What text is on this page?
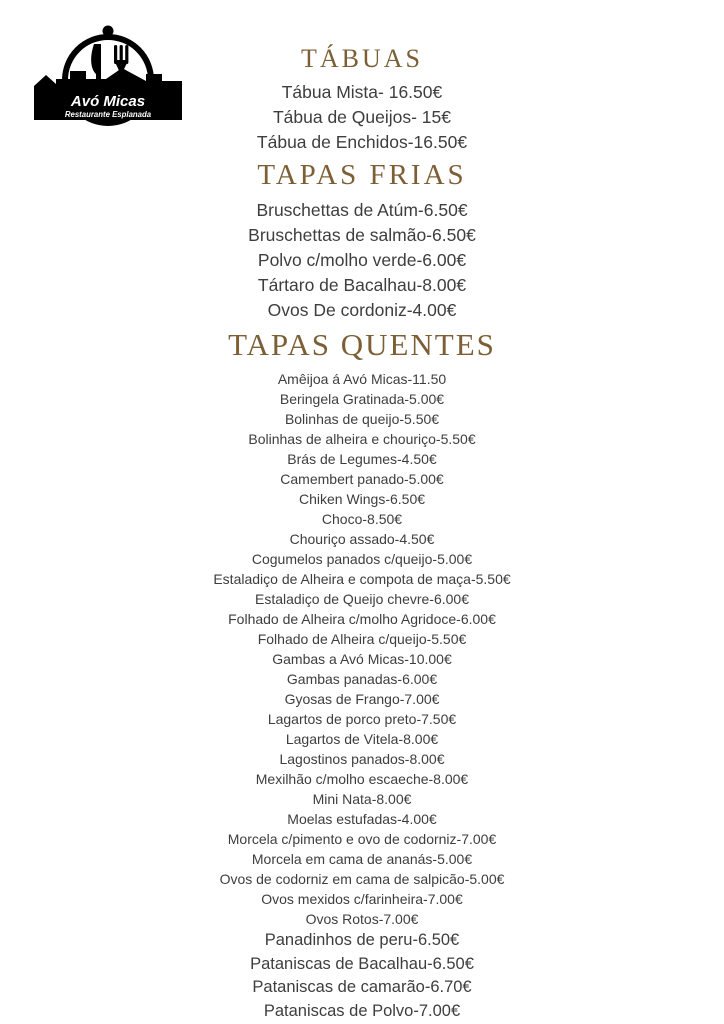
Avó Micas
Restaurante Esplanada
TÁBUAS
Tábua Mista- 16.50€
Tábua de Queijos- 15€
Tábua de Enchidos-16.50€
TAPAS FRIAS
Bruschettas de Atúm-6.50€
Bruschettas de salmão-6.50€
Polvo c/molho verde-6.00€
Tártaro de Bacalhau-8.00€
Ovos De cordoniz-4.00€
TAPAS QUENTES
Amêijoa á Avó Micas-11.50
Beringela Gratinada-5.00€
Bolinhas de queijo-5.50€
Bolinhas de alheira e chouriço-5.50€
Brás de Legumes-4.50€
Camembert panado-5.00€
Chiken Wings-6.50€
Choco-8.50€
Chouriço assado-4.50€
Cogumelos panados c/queijo-5.00€
Estaladiço de Alheira e compota de maça-5.50€
Estaladiço de Queijo chevre-6.00€
Folhado de Alheira c/molho Agridoce-6.00€
Folhado de Alheira c/queijo-5.50€
Gambas a Avó Micas-10.00€
Gambas panadas-6.00€
Gyosas de Frango-7.00€
Lagartos de porco preto-7.50€
Lagartos de Vitela-8.00€
Lagostinos panados-8.00€
Mexilhão c/molho escaeche-8.00€
Mini Nata-8.00€
Moelas estufadas-4.00€
Morcela c/pimento e ovo de codorniz-7.00€
Morcela em cama de ananás-5.00€
Ovos de codorniz em cama de salpicão-5.00€
Ovos mexidos c/farinheira-7.00€
Ovos Rotos-7.00€
Panadinhos de peru-6.50€
Pataniscas de Bacalhau-6.50€
Pataniscas de camarão-6.70€
Pataniscas de Polvo-7.00€
